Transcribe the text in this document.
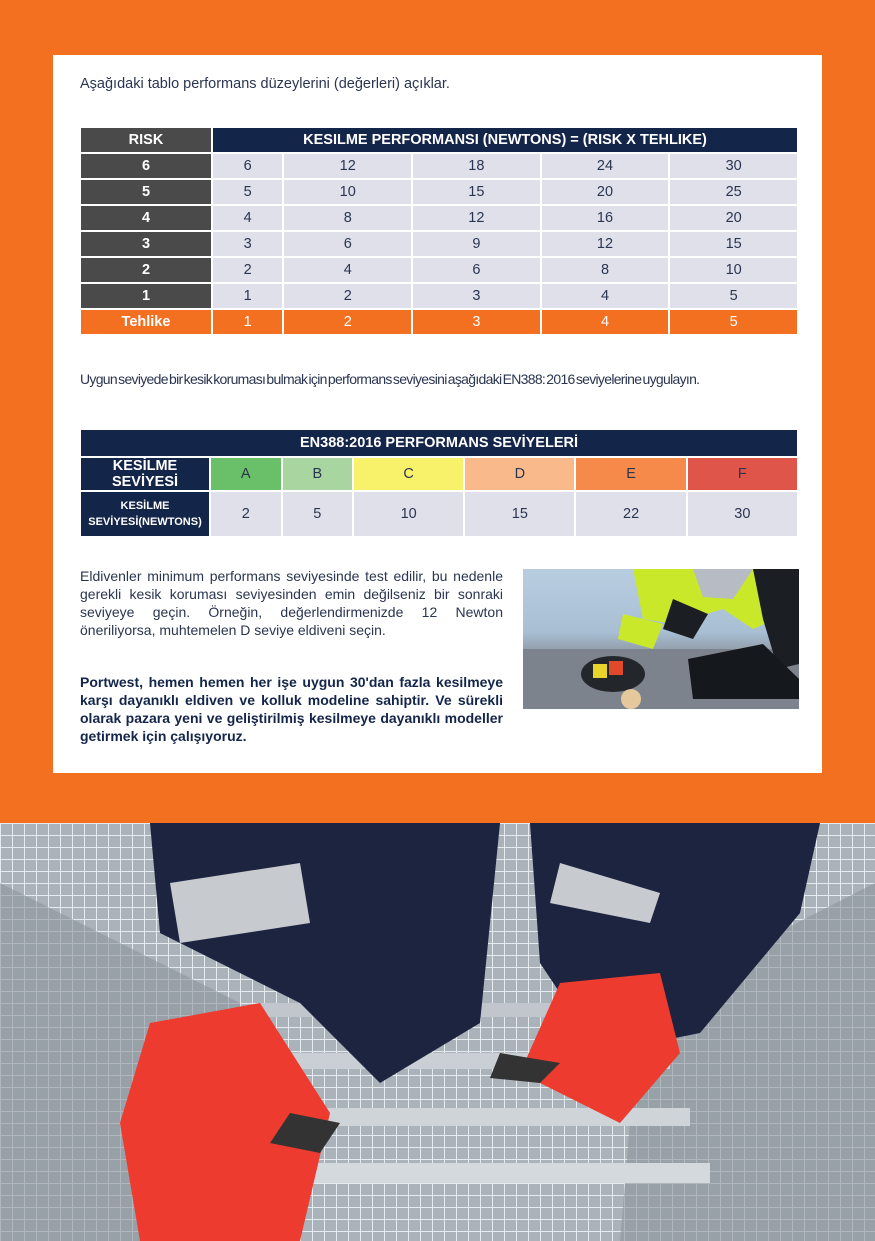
Aşağıdaki tablo performans düzeylerini (değerleri) açıklar.
RISK	KESILME PERFORMANSI (NEWTONS) = (RISK X TEHLIKE)				
6	6	12	18	24	30
5	5	10	15	20	25
4	4	8	12	16	20
3	3	6	9	12	15
2	2	4	6	8	10
1	1	2	3	4	5
Tehlike	1	2	3	4	5
Uygun seviyede bir kesik koruması bulmak için performans seviyesini aşağıdaki EN388: 2016 seviyelerine uygulayın.
EN388:2016 PERFORMANS SEVİYELERİ						
KESİLME SEVİYESİ	A	B	C	D	E	F
KESİLME
SEVİYESİ(NEWTONS)	2	5	10	15	22	30
Eldivenler minimum performans seviyesinde test edilir, bu nedenle gerekli kesik koruması seviyesinden emin değilseniz bir sonraki seviyeye geçin. Örneğin, değerlendirmenizde 12 Newton öneriliyorsa, muhtemelen D seviye eldiveni seçin.
Portwest, hemen hemen her işe uygun 30'dan fazla kesilmeye karşı dayanıklı eldiven ve kolluk modeline sahiptir. Ve sürekli olarak pazara yeni ve geliştirilmiş kesilmeye dayanıklı modeller getirmek için çalışıyoruz.
